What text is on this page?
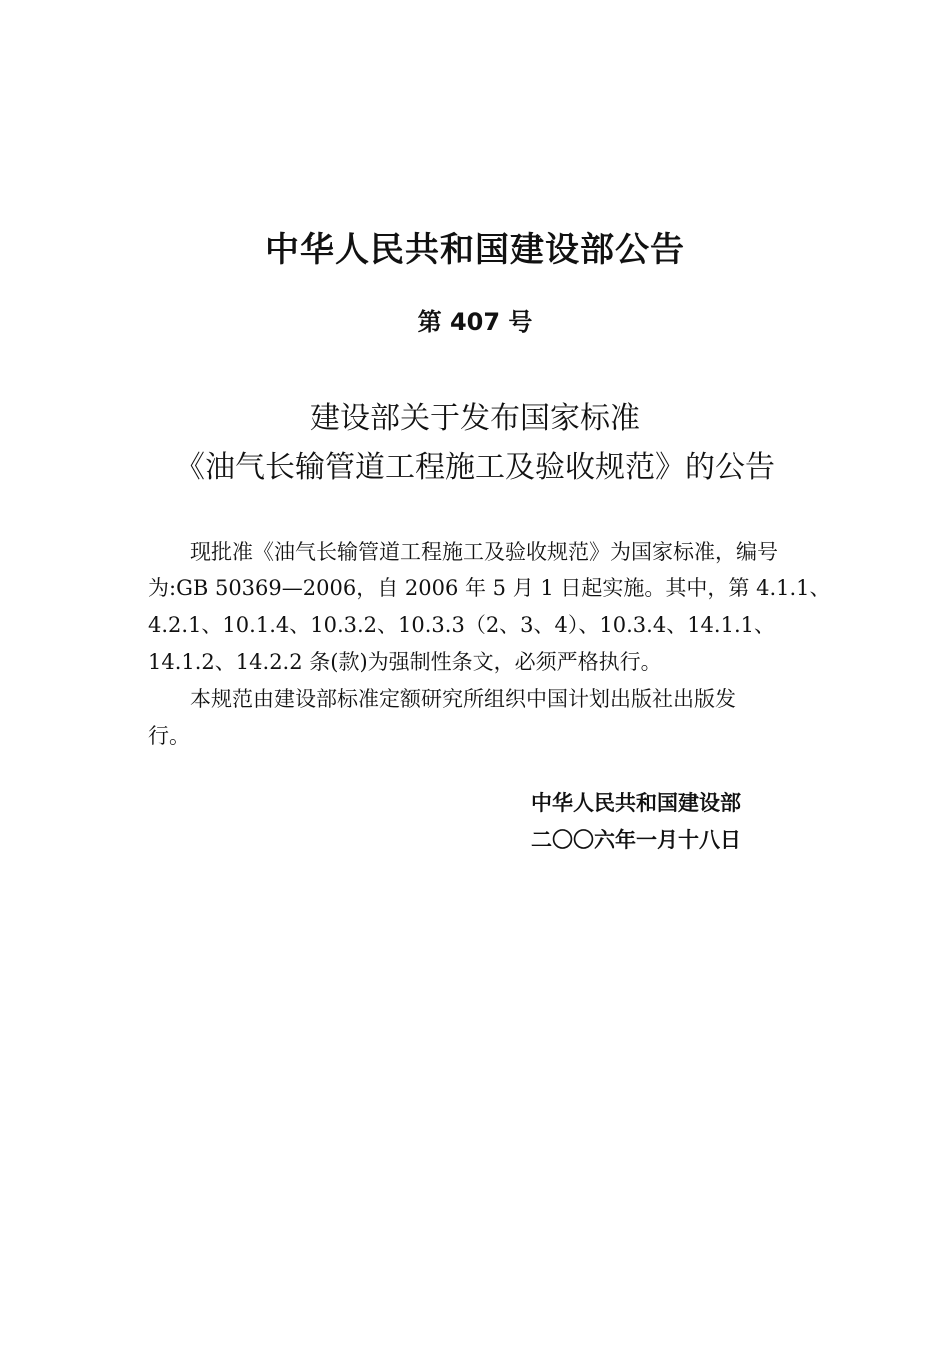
中华人民共和国建设部公告
第 407 号
建设部关于发布国家标准
《油气长输管道工程施工及验收规范》的公告
现批准《油气长输管道工程施工及验收规范》为国家标准，编号
为:GB 50369—2006，自 2006 年 5 月 1 日起实施。其中，第 4.1.1、
4.2.1、10.1.4、10.3.2、10.3.3（2、3、4）、10.3.4、14.1.1、
14.1.2、14.2.2 条(款)为强制性条文，必须严格执行。
本规范由建设部标准定额研究所组织中国计划出版社出版发
行。
中华人民共和国建设部
二〇〇六年一月十八日
